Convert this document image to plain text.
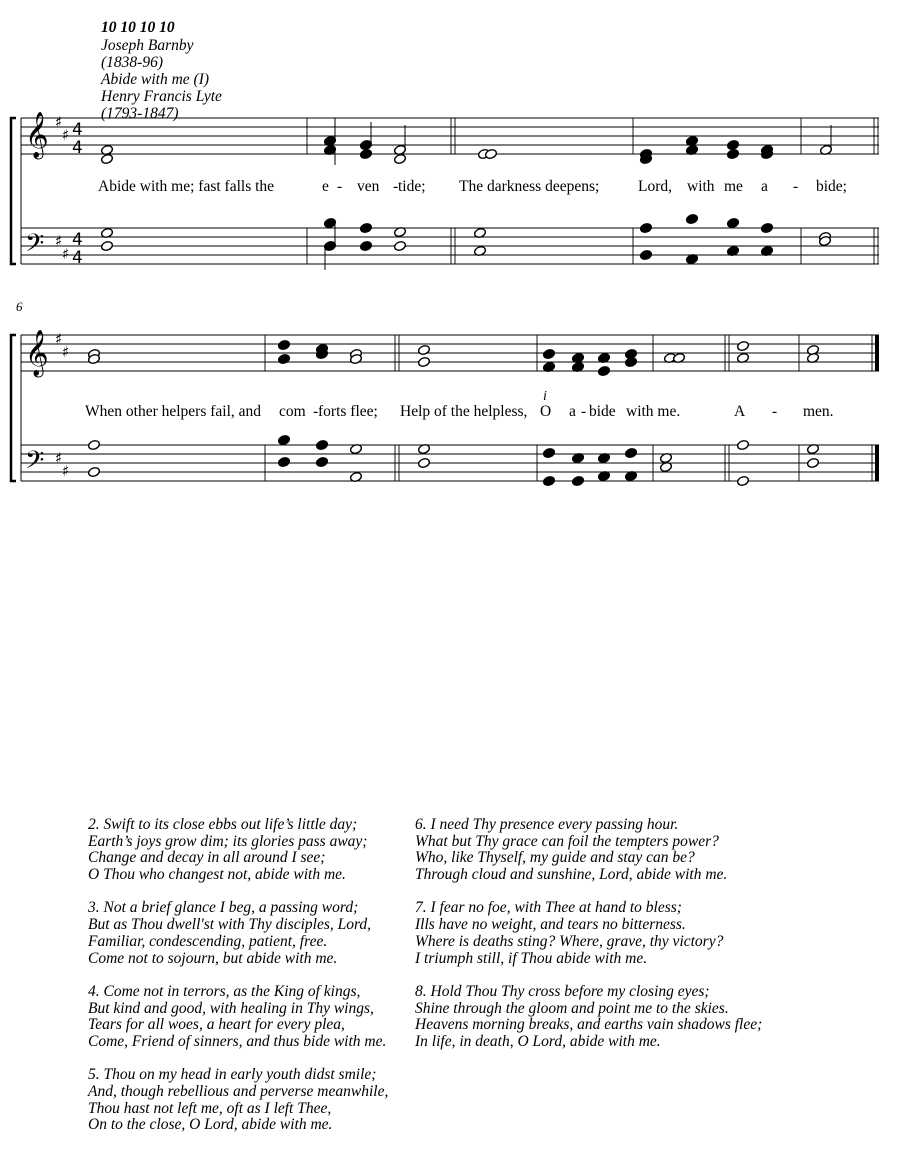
10 10 10 10
Joseph Barnby
(1838-96)
Abide with me (I)
Henry Francis Lyte
(1793-1847)
𝄞
𝄞
𝄢
𝄢
♯
♯
♯
♯
♯
♯
♯
♯
4
4
4
4
6
i
Abide with me; fast falls the	e - ven - tide; The darkness deepens; Lord, with me a - bide;
When other helpers fail, and com - forts flee; Help of the helpless, O a - bide with me.	A - men.
2. Swift to its close ebbs out life’s little day;
Earth’s joys grow dim; its glories pass away;
Change and decay in all around I see;
O Thou who changest not, abide with me.
3. Not a brief glance I beg, a passing word;
But as Thou dwell'st with Thy disciples, Lord,
Familiar, condescending, patient, free.
Come not to sojourn, but abide with me.
4. Come not in terrors, as the King of kings,
But kind and good, with healing in Thy wings,
Tears for all woes, a heart for every plea,
Come, Friend of sinners, and thus bide with me.
5. Thou on my head in early youth didst smile;
And, though rebellious and perverse meanwhile,
Thou hast not left me, oft as I left Thee,
On to the close, O Lord, abide with me.
6. I need Thy presence every passing hour.
What but Thy grace can foil the tempters power?
Who, like Thyself, my guide and stay can be?
Through cloud and sunshine, Lord, abide with me.
7. I fear no foe, with Thee at hand to bless;
Ills have no weight, and tears no bitterness.
Where is deaths sting? Where, grave, thy victory?
I triumph still, if Thou abide with me.
8. Hold Thou Thy cross before my closing eyes;
Shine through the gloom and point me to the skies.
Heavens morning breaks, and earths vain shadows flee;
In life, in death, O Lord, abide with me.
